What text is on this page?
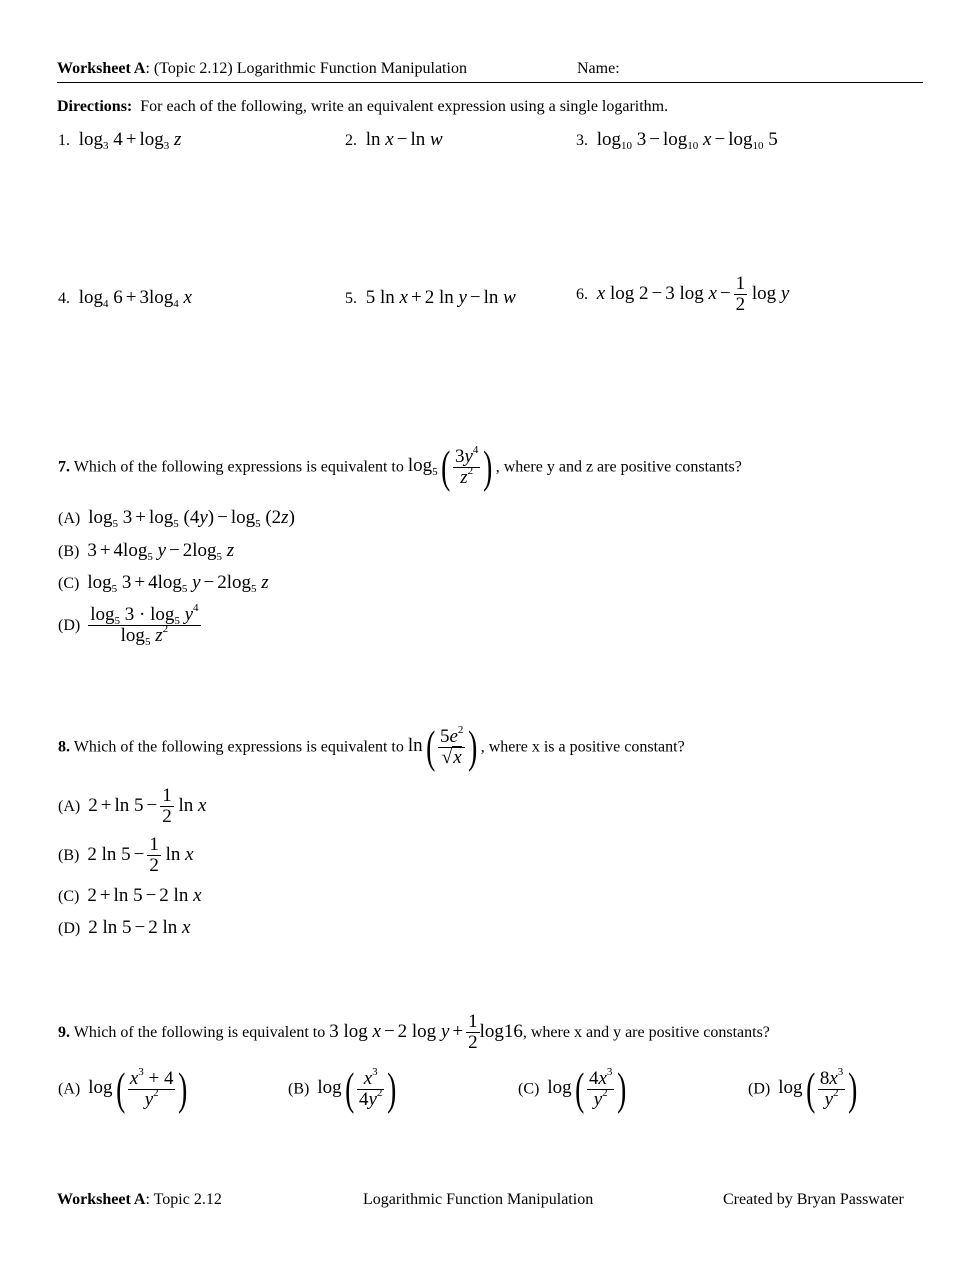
Worksheet A: (Topic 2.12) Logarithmic Function Manipulation	Name:
Directions: For each of the following, write an equivalent expression using a single logarithm.
1.  $\log_3 4 + \log_3 z$	2.  ln x − ln w	3.  $\log_{10} 3 - \log_{10} x - \log_{10} 5$
4.  $\log_4 6 + 3\log_4$ x	5.  5 ln x + 2 ln y − ln w	6. x log 2 − 3 $\log x - \frac{1}{2}$ log y
7. Which of the following expressions is equivalent to $\log_5( \frac{3y^4}{z^2}$ ) , where y and z are positive constants?
(A) $\log_5 3 + \log_5 (4y) - \log_5 (2z)$
(B) $3 + 4\log_5$ $y - 2\log_5$ z
(C) $\log_5 3 + 4\log_5$ $y - 2\log_5$ z
$(D) \frac{\log_5 3 \cdot \log_5 y^4}{\log_5 z^2}$
8. Which of the following expressions is equivalent to $\ln( \frac{5e^2}{√x}$ ) , where x is a positive constant?
(A) $2 + \ln 5 - \frac{1}{2}$ ln x
(B) 2 $\ln 5 - \frac{1}{2}$ ln x
(C) 2 + ln 5 − 2 ln x
(D) 2 ln 5 − 2 ln x
9. Which of the following is equivalent to 3 log x − 2 $\log y + \frac{1}{2} \log 16$, where x and y are positive constants?
(A) $\log( \frac{x^3 + 4}{y^2}$ )	(B) $\log( \frac{x^3}{4y^2}$ )	(C) $\log( \frac{4x^3}{y^2}$ )	(D) $\log( \frac{8x^3}{y^2}$ )
Worksheet A: Topic 2.12	Logarithmic Function Manipulation	Created by Bryan Passwater
